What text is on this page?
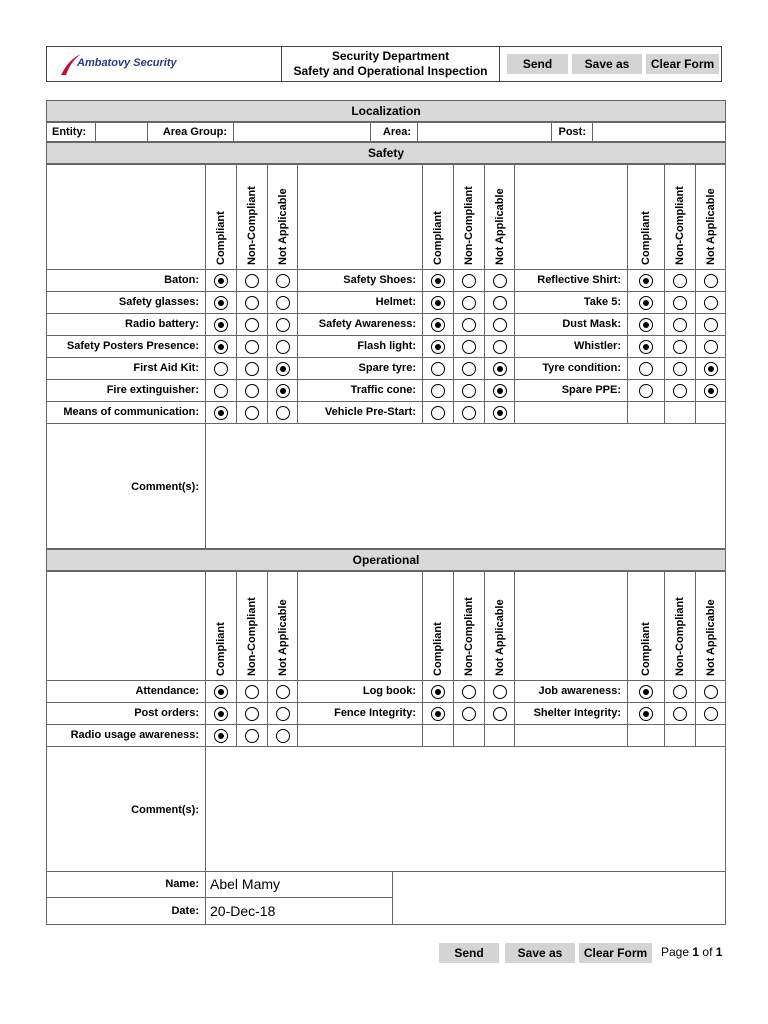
Ambatovy Security	Security Department
Safety and Operational Inspection	Send	Save as	Clear Form
Localization
Entity:	Area Group:	Area:	Post:
Safety
Compliant Non-Compliant Not Applicable	Compliant Non-Compliant Not Applicable	Compliant Non-Compliant Not Applicable
Baton:	Safety Shoes:	Reflective Shirt:
Safety glasses:	Helmet:	Take 5:
Radio battery:	Safety Awareness:	Dust Mask:
Safety Posters Presence:	Flash light:	Whistler:
First Aid Kit:	Spare tyre:	Tyre condition:
Fire extinguisher:	Traffic cone:	Spare PPE:
Means of communication:	Vehicle Pre-Start:
Comment(s):
Operational
Compliant Non-Compliant Not Applicable	Compliant Non-Compliant Not Applicable	Compliant Non-Compliant Not Applicable
Attendance:	Log book:	Job awareness:
Post orders:	Fence Integrity:	Shelter Integrity:
Radio usage awareness:
Comment(s):
Name: Abel Mamy
Date: 20-Dec-18
Send	Save as	Clear Form	Page 1 of 1
